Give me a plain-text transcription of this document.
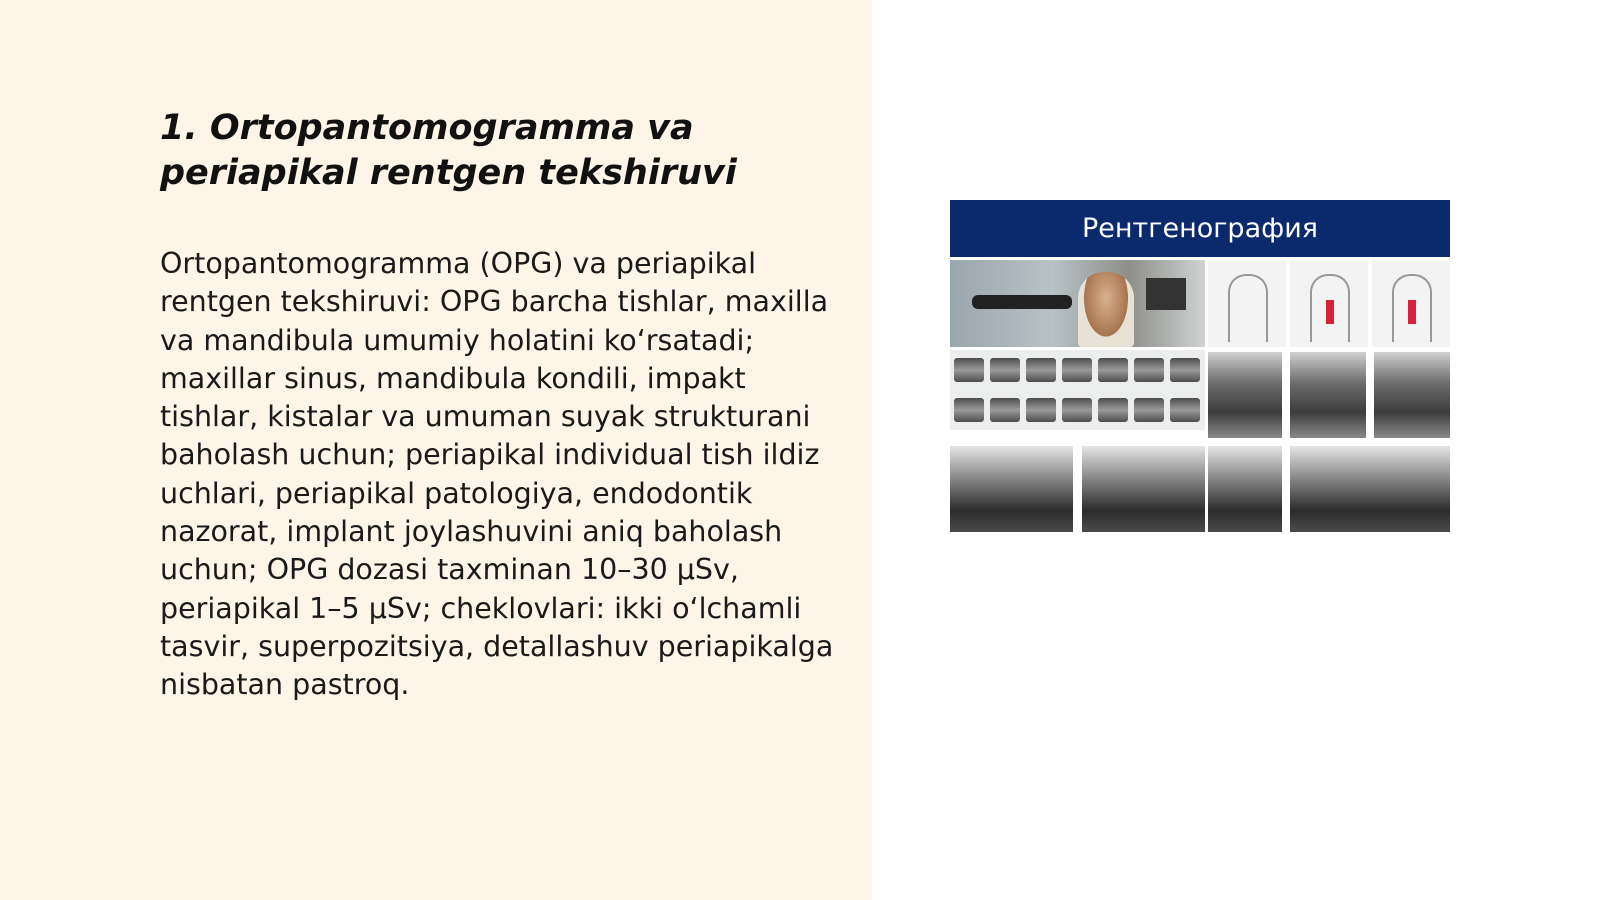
1. Ortopantomogramma va periapikal rentgen tekshiruvi

Ortopantomogramma (OPG) va periapikal rentgen tekshiruvi: OPG barcha tishlar, maxilla va mandibula umumiy holatini ko‘rsatadi; maxillar sinus, mandibula kondili, impakt tishlar, kistalar va umuman suyak strukturani baholash uchun; periapikal individual tish ildiz uchlari, periapikal patologiya, endodontik nazorat, implant joylashuvini aniq baholash uchun; OPG dozasi taxminan 10–30 μSv, periapikal 1–5 μSv; cheklovlari: ikki o‘lchamli tasvir, superpozitsiya, detallashuv periapikalga nisbatan pastroq.

Рентгенография
